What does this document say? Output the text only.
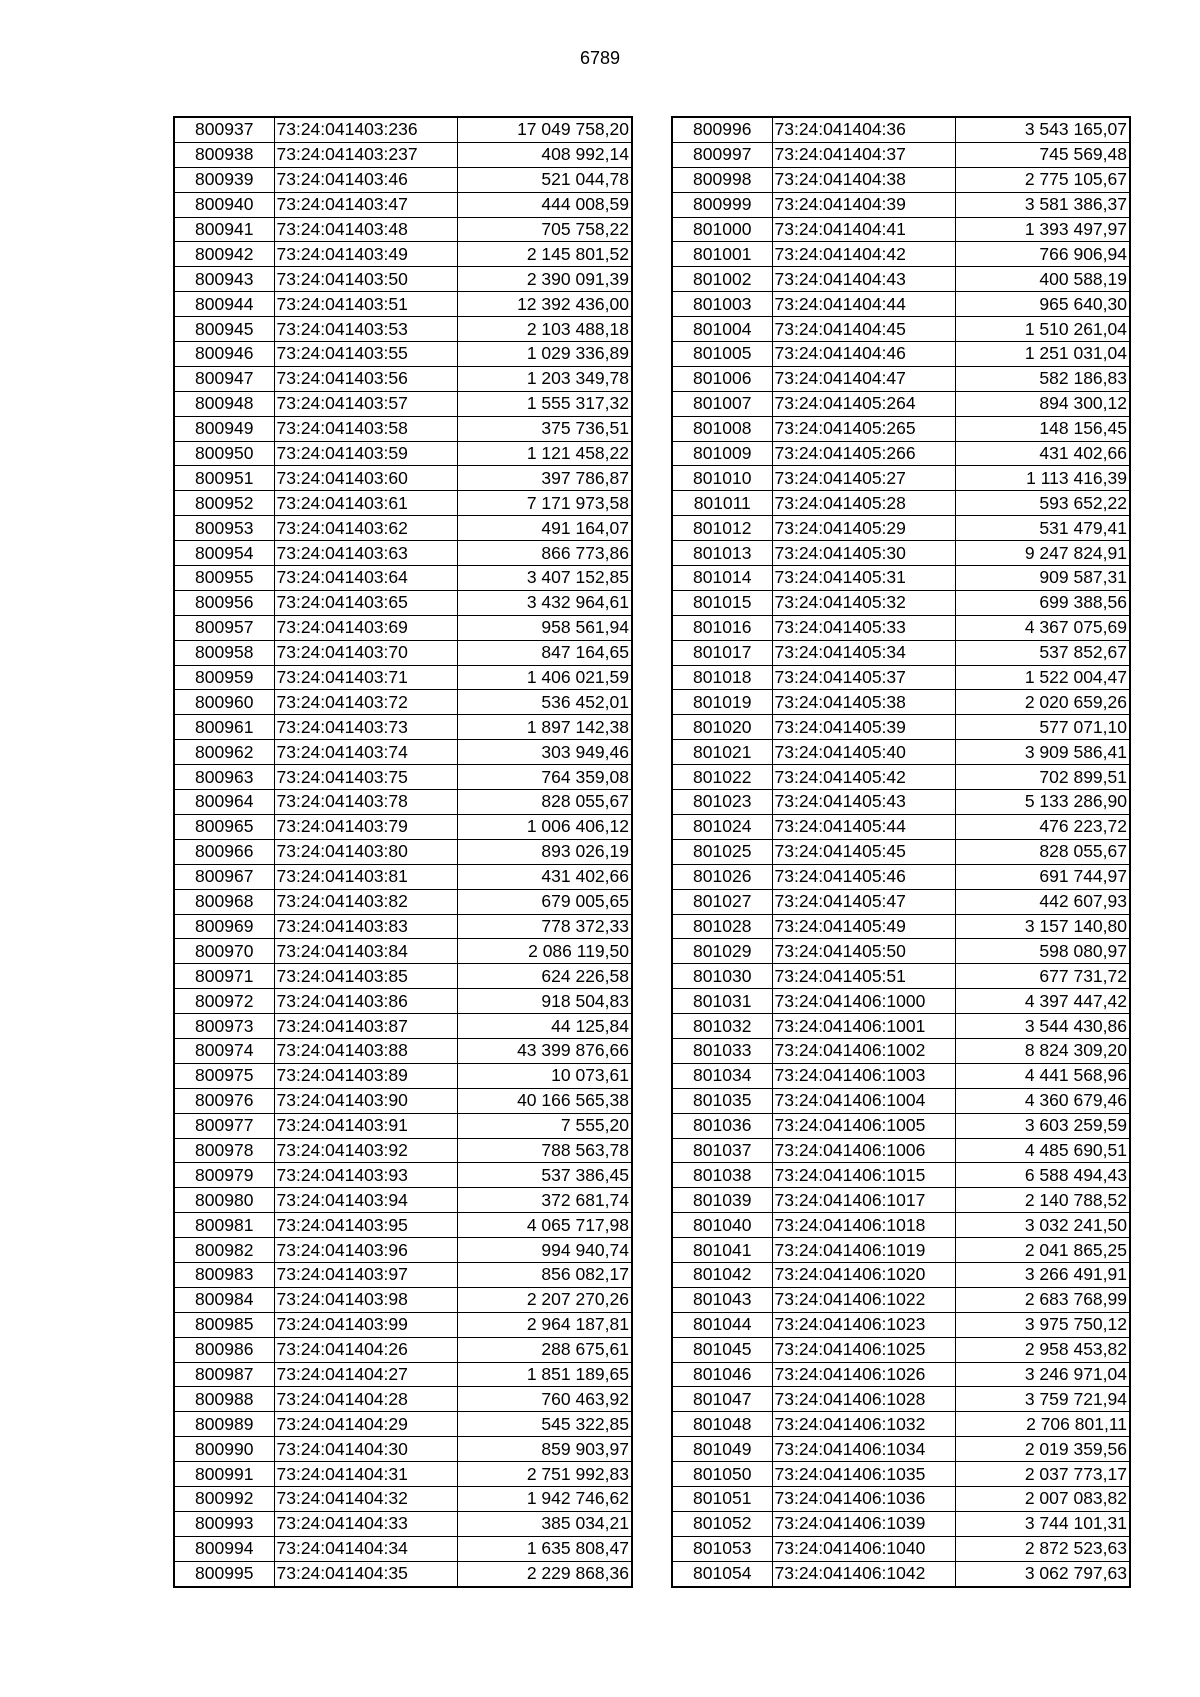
6789
800937	73:24:041403:236	17 049 758,20
800938	73:24:041403:237	408 992,14
800939	73:24:041403:46	521 044,78
800940	73:24:041403:47	444 008,59
800941	73:24:041403:48	705 758,22
800942	73:24:041403:49	2 145 801,52
800943	73:24:041403:50	2 390 091,39
800944	73:24:041403:51	12 392 436,00
800945	73:24:041403:53	2 103 488,18
800946	73:24:041403:55	1 029 336,89
800947	73:24:041403:56	1 203 349,78
800948	73:24:041403:57	1 555 317,32
800949	73:24:041403:58	375 736,51
800950	73:24:041403:59	1 121 458,22
800951	73:24:041403:60	397 786,87
800952	73:24:041403:61	7 171 973,58
800953	73:24:041403:62	491 164,07
800954	73:24:041403:63	866 773,86
800955	73:24:041403:64	3 407 152,85
800956	73:24:041403:65	3 432 964,61
800957	73:24:041403:69	958 561,94
800958	73:24:041403:70	847 164,65
800959	73:24:041403:71	1 406 021,59
800960	73:24:041403:72	536 452,01
800961	73:24:041403:73	1 897 142,38
800962	73:24:041403:74	303 949,46
800963	73:24:041403:75	764 359,08
800964	73:24:041403:78	828 055,67
800965	73:24:041403:79	1 006 406,12
800966	73:24:041403:80	893 026,19
800967	73:24:041403:81	431 402,66
800968	73:24:041403:82	679 005,65
800969	73:24:041403:83	778 372,33
800970	73:24:041403:84	2 086 119,50
800971	73:24:041403:85	624 226,58
800972	73:24:041403:86	918 504,83
800973	73:24:041403:87	44 125,84
800974	73:24:041403:88	43 399 876,66
800975	73:24:041403:89	10 073,61
800976	73:24:041403:90	40 166 565,38
800977	73:24:041403:91	7 555,20
800978	73:24:041403:92	788 563,78
800979	73:24:041403:93	537 386,45
800980	73:24:041403:94	372 681,74
800981	73:24:041403:95	4 065 717,98
800982	73:24:041403:96	994 940,74
800983	73:24:041403:97	856 082,17
800984	73:24:041403:98	2 207 270,26
800985	73:24:041403:99	2 964 187,81
800986	73:24:041404:26	288 675,61
800987	73:24:041404:27	1 851 189,65
800988	73:24:041404:28	760 463,92
800989	73:24:041404:29	545 322,85
800990	73:24:041404:30	859 903,97
800991	73:24:041404:31	2 751 992,83
800992	73:24:041404:32	1 942 746,62
800993	73:24:041404:33	385 034,21
800994	73:24:041404:34	1 635 808,47
800995	73:24:041404:35	2 229 868,36
800996	73:24:041404:36	3 543 165,07
800997	73:24:041404:37	745 569,48
800998	73:24:041404:38	2 775 105,67
800999	73:24:041404:39	3 581 386,37
801000	73:24:041404:41	1 393 497,97
801001	73:24:041404:42	766 906,94
801002	73:24:041404:43	400 588,19
801003	73:24:041404:44	965 640,30
801004	73:24:041404:45	1 510 261,04
801005	73:24:041404:46	1 251 031,04
801006	73:24:041404:47	582 186,83
801007	73:24:041405:264	894 300,12
801008	73:24:041405:265	148 156,45
801009	73:24:041405:266	431 402,66
801010	73:24:041405:27	1 113 416,39
801011	73:24:041405:28	593 652,22
801012	73:24:041405:29	531 479,41
801013	73:24:041405:30	9 247 824,91
801014	73:24:041405:31	909 587,31
801015	73:24:041405:32	699 388,56
801016	73:24:041405:33	4 367 075,69
801017	73:24:041405:34	537 852,67
801018	73:24:041405:37	1 522 004,47
801019	73:24:041405:38	2 020 659,26
801020	73:24:041405:39	577 071,10
801021	73:24:041405:40	3 909 586,41
801022	73:24:041405:42	702 899,51
801023	73:24:041405:43	5 133 286,90
801024	73:24:041405:44	476 223,72
801025	73:24:041405:45	828 055,67
801026	73:24:041405:46	691 744,97
801027	73:24:041405:47	442 607,93
801028	73:24:041405:49	3 157 140,80
801029	73:24:041405:50	598 080,97
801030	73:24:041405:51	677 731,72
801031	73:24:041406:1000	4 397 447,42
801032	73:24:041406:1001	3 544 430,86
801033	73:24:041406:1002	8 824 309,20
801034	73:24:041406:1003	4 441 568,96
801035	73:24:041406:1004	4 360 679,46
801036	73:24:041406:1005	3 603 259,59
801037	73:24:041406:1006	4 485 690,51
801038	73:24:041406:1015	6 588 494,43
801039	73:24:041406:1017	2 140 788,52
801040	73:24:041406:1018	3 032 241,50
801041	73:24:041406:1019	2 041 865,25
801042	73:24:041406:1020	3 266 491,91
801043	73:24:041406:1022	2 683 768,99
801044	73:24:041406:1023	3 975 750,12
801045	73:24:041406:1025	2 958 453,82
801046	73:24:041406:1026	3 246 971,04
801047	73:24:041406:1028	3 759 721,94
801048	73:24:041406:1032	2 706 801,11
801049	73:24:041406:1034	2 019 359,56
801050	73:24:041406:1035	2 037 773,17
801051	73:24:041406:1036	2 007 083,82
801052	73:24:041406:1039	3 744 101,31
801053	73:24:041406:1040	2 872 523,63
801054	73:24:041406:1042	3 062 797,63
